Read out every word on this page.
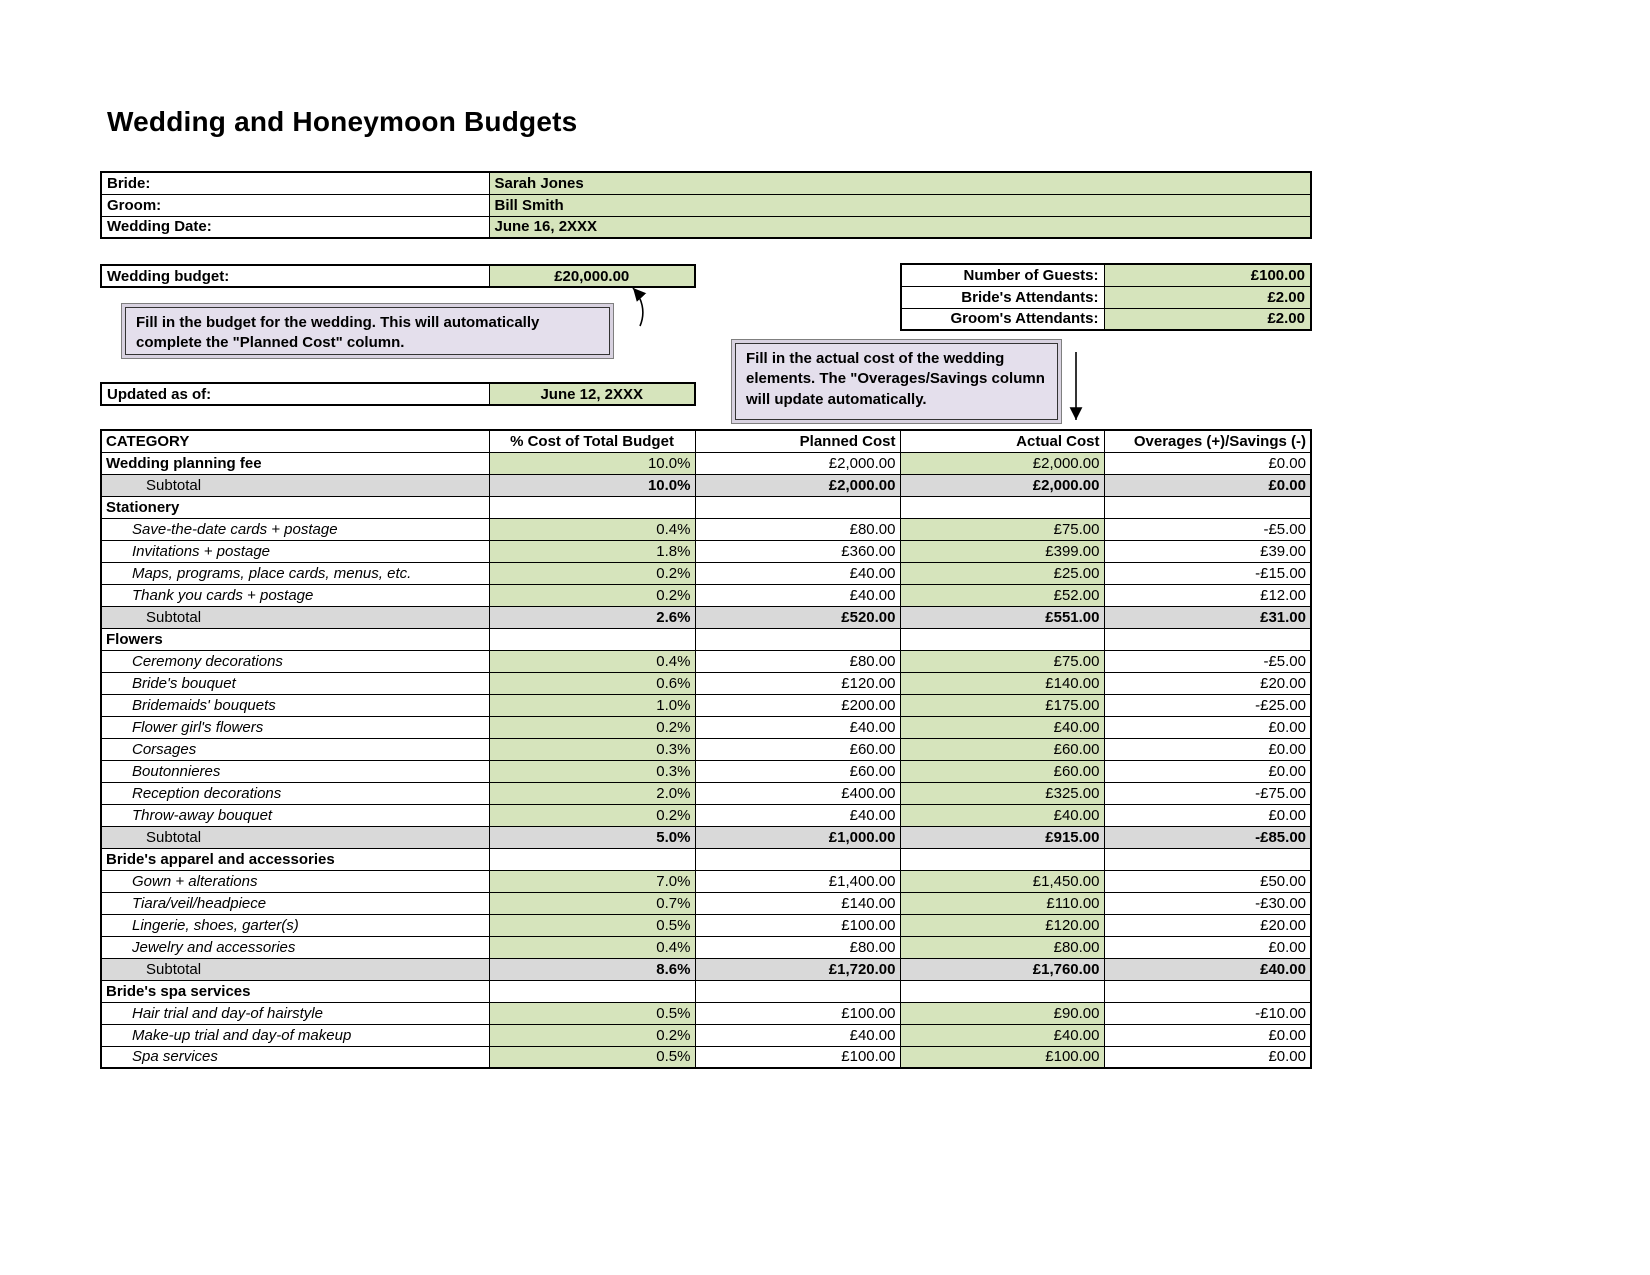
Wedding and Honeymoon Budgets
Bride:	Sarah Jones
Groom:	Bill Smith
Wedding Date:	June 16, 2XXX
Wedding budget:	£20,000.00	Number of Guests:	£100.00
Bride's Attendants:	£2.00
Groom's Attendants:	£2.00
Fill in the budget for the wedding. This will automatically complete the "Planned Cost" column.
Fill in the actual cost of the wedding elements. The "Overages/Savings column will update automatically.
Updated as of:	June 12, 2XXX
CATEGORY	% Cost of Total Budget	Planned Cost	Actual Cost	Overages (+)/Savings (-)
Wedding planning fee	10.0%	£2,000.00	£2,000.00	£0.00
Subtotal	10.0%	£2,000.00	£2,000.00	£0.00
Stationery				
Save-the-date cards + postage	0.4%	£80.00	£75.00	-£5.00
Invitations + postage	1.8%	£360.00	£399.00	£39.00
Maps, programs, place cards, menus, etc.	0.2%	£40.00	£25.00	-£15.00
Thank you cards + postage	0.2%	£40.00	£52.00	£12.00
Subtotal	2.6%	£520.00	£551.00	£31.00
Flowers				
Ceremony decorations	0.4%	£80.00	£75.00	-£5.00
Bride's bouquet	0.6%	£120.00	£140.00	£20.00
Bridemaids' bouquets	1.0%	£200.00	£175.00	-£25.00
Flower girl's flowers	0.2%	£40.00	£40.00	£0.00
Corsages	0.3%	£60.00	£60.00	£0.00
Boutonnieres	0.3%	£60.00	£60.00	£0.00
Reception decorations	2.0%	£400.00	£325.00	-£75.00
Throw-away bouquet	0.2%	£40.00	£40.00	£0.00
Subtotal	5.0%	£1,000.00	£915.00	-£85.00
Bride's apparel and accessories				
Gown + alterations	7.0%	£1,400.00	£1,450.00	£50.00
Tiara/veil/headpiece	0.7%	£140.00	£110.00	-£30.00
Lingerie, shoes, garter(s)	0.5%	£100.00	£120.00	£20.00
Jewelry and accessories	0.4%	£80.00	£80.00	£0.00
Subtotal	8.6%	£1,720.00	£1,760.00	£40.00
Bride's spa services				
Hair trial and day-of hairstyle	0.5%	£100.00	£90.00	-£10.00
Make-up trial and day-of makeup	0.2%	£40.00	£40.00	£0.00
Spa services	0.5%	£100.00	£100.00	£0.00
